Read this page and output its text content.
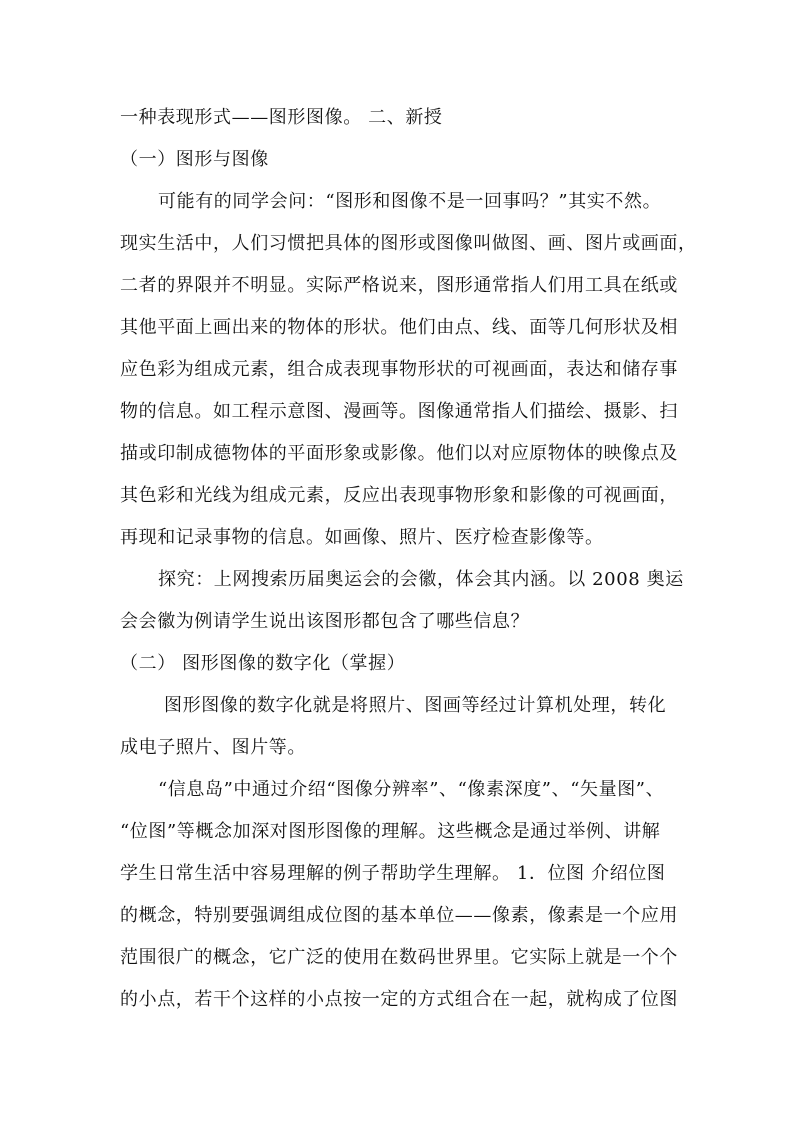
一种表现形式——图形图像。 二、新授
（一）图形与图像
可能有的同学会问：“图形和图像不是一回事吗？”其实不然。
现实生活中，人们习惯把具体的图形或图像叫做图、画、图片或画面，
二者的界限并不明显。实际严格说来，图形通常指人们用工具在纸或
其他平面上画出来的物体的形状。他们由点、线、面等几何形状及相
应色彩为组成元素，组合成表现事物形状的可视画面，表达和储存事
物的信息。如工程示意图、漫画等。图像通常指人们描绘、摄影、扫
描或印制成德物体的平面形象或影像。他们以对应原物体的映像点及
其色彩和光线为组成元素，反应出表现事物形象和影像的可视画面，
再现和记录事物的信息。如画像、照片、医疗检查影像等。
探究：上网搜索历届奥运会的会徽，体会其内涵。以 2008 奥运
会会徽为例请学生说出该图形都包含了哪些信息？
（二） 图形图像的数字化（掌握）
图形图像的数字化就是将照片、图画等经过计算机处理，转化
成电子照片、图片等。
“信息岛”中通过介绍“图像分辨率”、“像素深度”、“矢量图”、
“位图”等概念加深对图形图像的理解。这些概念是通过举例、讲解
学生日常生活中容易理解的例子帮助学生理解。 1．位图 介绍位图
的概念，特别要强调组成位图的基本单位——像素，像素是一个应用
范围很广的概念，它广泛的使用在数码世界里。它实际上就是一个个
的小点，若干个这样的小点按一定的方式组合在一起，就构成了位图
